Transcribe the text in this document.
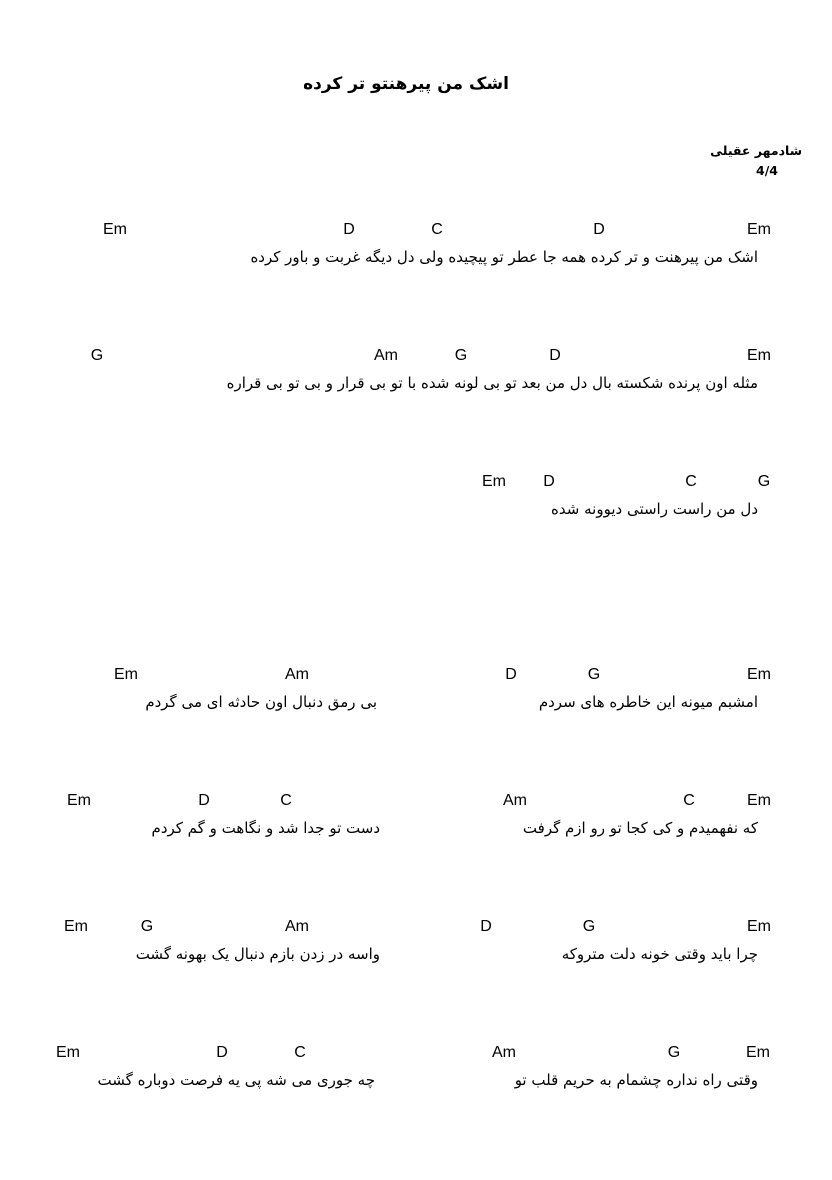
اشک من پیرهنتو تر کرده
شادمهر عقیلی
4/4
Em	D	C	D	Em
اشک من پیرهنت و تر کرده همه جا عطر تو پیچیده ولی دل دیگه غربت و باور کرده
G	Am	G	D	Em
مثله اون پرنده شکسته بال دل من بعد تو بی لونه شده با تو بی قرار و بی تو بی قراره
Em D	C	G
دل من راست راستی دیوونه شده
Em	Am	D	G	Em
امشبم میونه این خاطره های سردم
بی رمق دنبال اون حادثه ای می گردم
Em	D	C	Am	C	Em
که نفهمیدم و کی کجا تو رو ازم گرفت
دست تو جدا شد و نگاهت و گم کردم
Em	G	Am	D	G	Em
چرا باید وقتی خونه دلت متروکه
واسه در زدن بازم دنبال یک بهونه گشت
Em	D	C	Am	G	Em
وقتی راه نداره چشمام به حریم قلب تو
چه جوری می شه پی یه فرصت دوباره گشت
